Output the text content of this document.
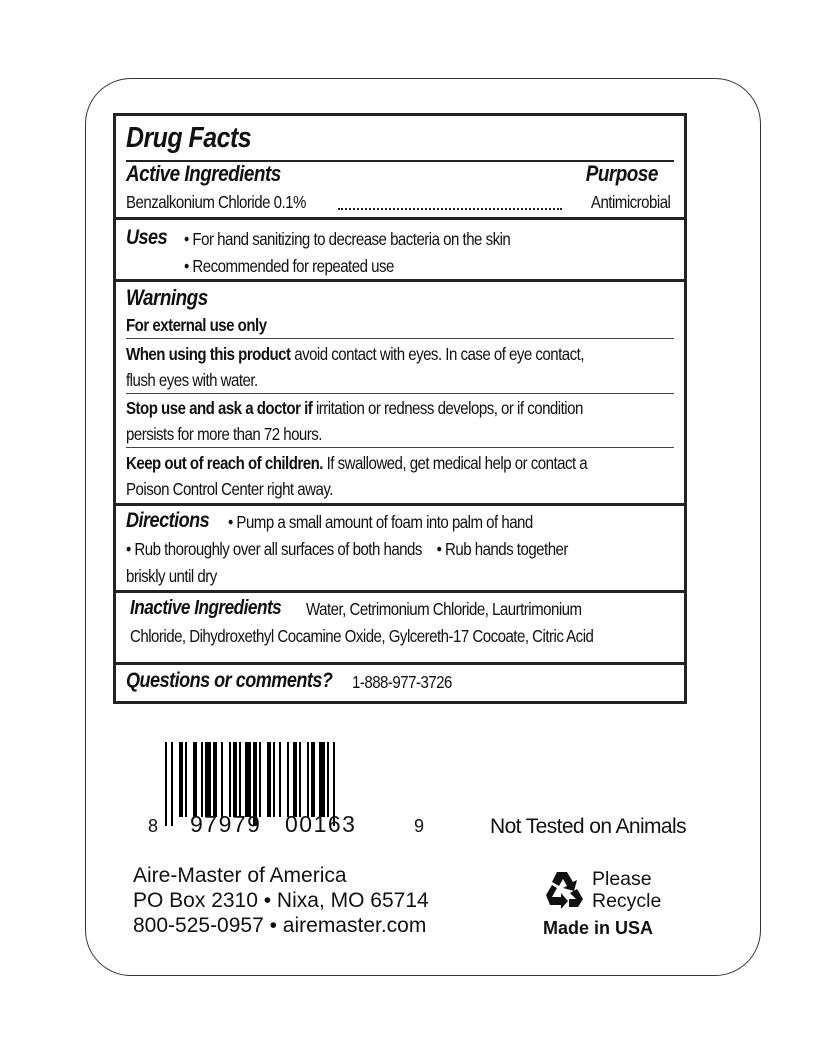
Drug Facts
Active Ingredients	Purpose
Benzalkonium Chloride 0.1%	Antimicrobial
Uses • For hand sanitizing to decrease bacteria on the skin
• Recommended for repeated use
Warnings
For external use only
When using this product avoid contact with eyes. In case of eye contact,
flush eyes with water.
Stop use and ask a doctor if irritation or redness develops, or if condition
persists for more than 72 hours.
Keep out of reach of children. If swallowed, get medical help or contact a
Poison Control Center right away.
Directions • Pump a small amount of foam into palm of hand
• Rub thoroughly over all surfaces of both hands    • Rub hands together
briskly until dry
Inactive Ingredients Water, Cetrimonium Chloride, Laurtrimonium
Chloride, Dihydroxethyl Cocamine Oxide, Gylcereth-17 Cocoate, Citric Acid
Questions or comments? 1-888-977-3726
8 97979 00163	9	Not Tested on Animals
Aire-Master of America
PO Box 2310 • Nixa, MO 65714
800-525-0957 • airemaster.com
Please
Recycle
Made in USA
